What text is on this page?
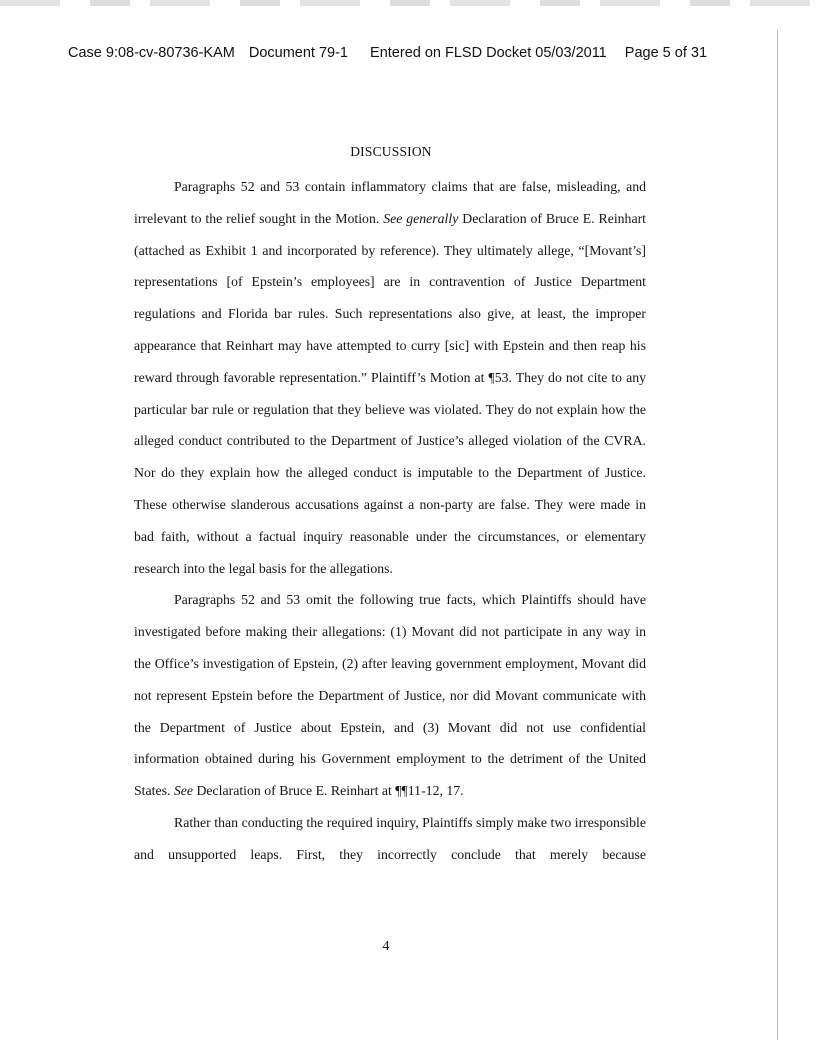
Case 9:08-cv-80736-KAM Document 79-1 Entered on FLSD Docket 05/03/2011 Page 5 of 31
DISCUSSION

Paragraphs 52 and 53 contain inflammatory claims that are false, misleading, and irrelevant to the relief sought in the Motion. See generally Declaration of Bruce E. Reinhart (attached as Exhibit 1 and incorporated by reference). They ultimately allege, “[Movant’s] representations [of Epstein’s employees] are in contravention of Justice Department regulations and Florida bar rules. Such representations also give, at least, the improper appearance that Reinhart may have attempted to curry [sic] with Epstein and then reap his reward through favorable representation.” Plaintiff’s Motion at ¶53. They do not cite to any particular bar rule or regulation that they believe was violated. They do not explain how the alleged conduct contributed to the Department of Justice’s alleged violation of the CVRA. Nor do they explain how the alleged conduct is imputable to the Department of Justice. These otherwise slanderous accusations against a non-party are false. They were made in bad faith, without a factual inquiry reasonable under the circumstances, or elementary research into the legal basis for the allegations.

Paragraphs 52 and 53 omit the following true facts, which Plaintiffs should have investigated before making their allegations: (1) Movant did not participate in any way in the Office’s investigation of Epstein, (2) after leaving government employment, Movant did not represent Epstein before the Department of Justice, nor did Movant communicate with the Department of Justice about Epstein, and (3) Movant did not use confidential information obtained during his Government employment to the detriment of the United States. See Declaration of Bruce E. Reinhart at ¶¶11-12, 17.

Rather than conducting the required inquiry, Plaintiffs simply make two irresponsible and unsupported leaps. First, they incorrectly conclude that merely because

4
